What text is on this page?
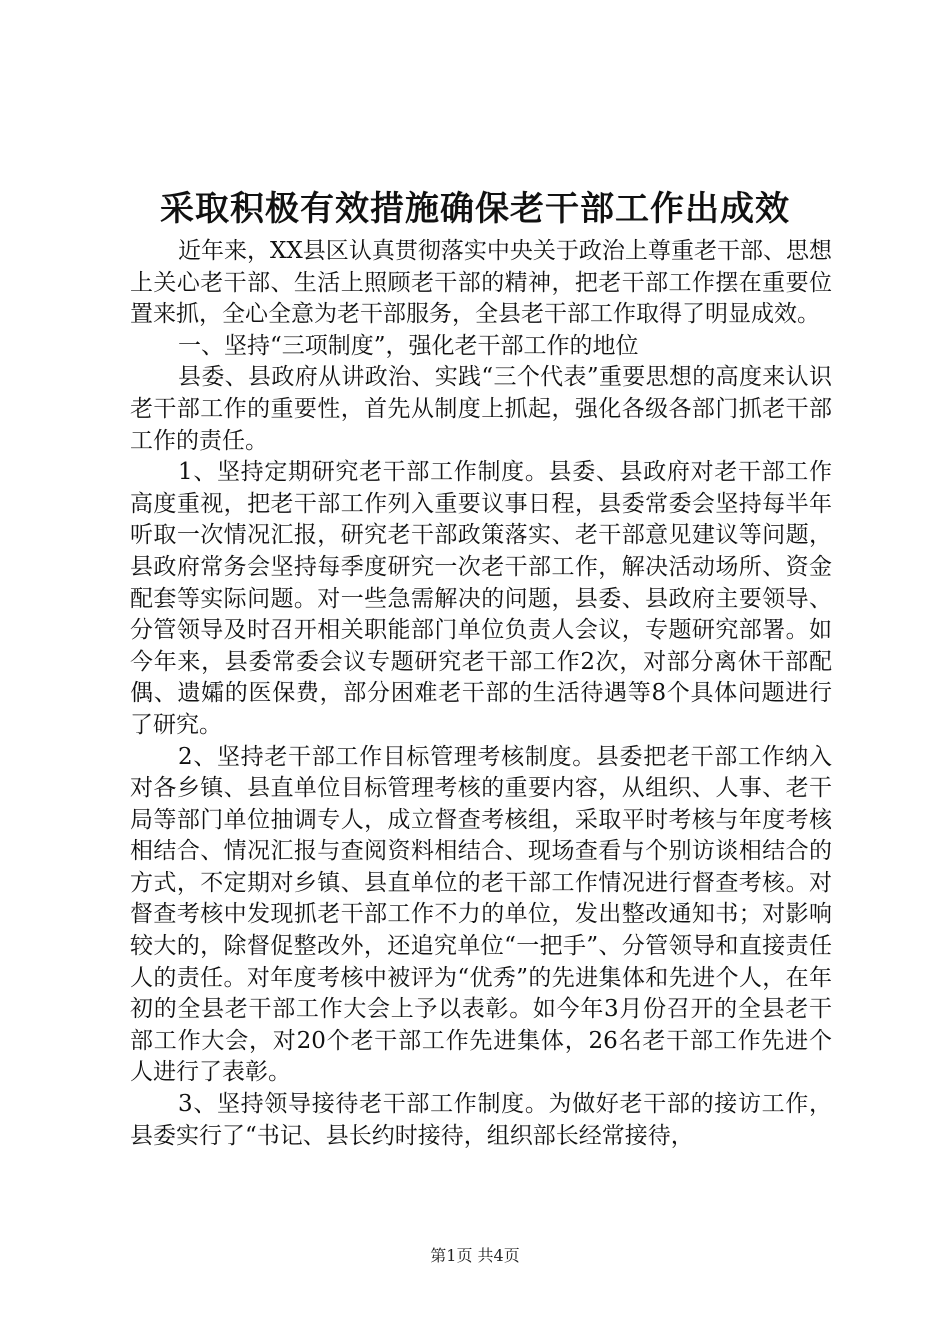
采取积极有效措施确保老干部工作出成效

近年来，XX县区认真贯彻落实中央关于政治上尊重老干部、思想上关心老干部、生活上照顾老干部的精神，把老干部工作摆在重要位置来抓，全心全意为老干部服务，全县老干部工作取得了明显成效。

一、坚持“三项制度”，强化老干部工作的地位

县委、县政府从讲政治、实践“三个代表”重要思想的高度来认识老干部工作的重要性，首先从制度上抓起，强化各级各部门抓老干部工作的责任。

1、坚持定期研究老干部工作制度。县委、县政府对老干部工作高度重视，把老干部工作列入重要议事日程，县委常委会坚持每半年听取一次情况汇报，研究老干部政策落实、老干部意见建议等问题，县政府常务会坚持每季度研究一次老干部工作，解决活动场所、资金配套等实际问题。对一些急需解决的问题，县委、县政府主要领导、分管领导及时召开相关职能部门单位负责人会议，专题研究部署。如今年来，县委常委会议专题研究老干部工作2次，对部分离休干部配偶、遗孀的医保费，部分困难老干部的生活待遇等8个具体问题进行了研究。

2、坚持老干部工作目标管理考核制度。县委把老干部工作纳入对各乡镇、县直单位目标管理考核的重要内容，从组织、人事、老干局等部门单位抽调专人，成立督查考核组，采取平时考核与年度考核相结合、情况汇报与查阅资料相结合、现场查看与个别访谈相结合的方式，不定期对乡镇、县直单位的老干部工作情况进行督查考核。对督查考核中发现抓老干部工作不力的单位，发出整改通知书；对影响较大的，除督促整改外，还追究单位“一把手”、分管领导和直接责任人的责任。对年度考核中被评为“优秀”的先进集体和先进个人，在年初的全县老干部工作大会上予以表彰。如今年3月份召开的全县老干部工作大会，对20个老干部工作先进集体，26名老干部工作先进个人进行了表彰。

3、坚持领导接待老干部工作制度。为做好老干部的接访工作，县委实行了“书记、县长约时接待，组织部长经常接待，

第1页 共4页
